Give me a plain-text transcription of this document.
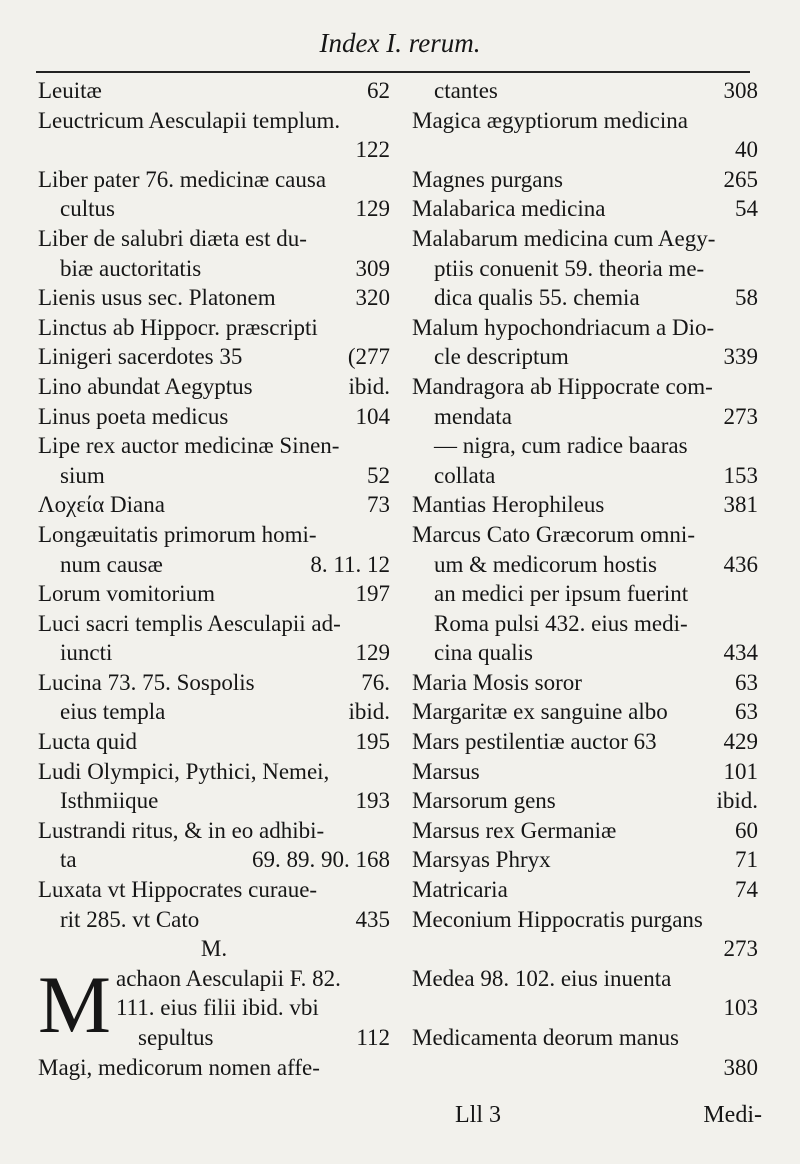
Index I. rerum.
Leuitæ	62
Leuctricum Aesculapii templum.
122
Liber pater 76. medicinæ causa
cultus	129
Liber de salubri diæta est du-
biæ auctoritatis	309
Lienis usus sec. Platonem	320
Linctus ab Hippocr. præscripti
Linigeri sacerdotes 35	(277
Lino abundat Aegyptus	ibid.
Linus poeta medicus	104
Lipe rex auctor medicinæ Sinen-
sium	52
Λοχεία Diana	73
Longæuitatis primorum homi-
num causæ	8. 11. 12
Lorum vomitorium	197
Luci sacri templis Aesculapii ad-
iuncti	129
Lucina 73. 75. Sospolis	76.
eius templa	ibid.
Lucta quid	195
Ludi Olympici, Pythici, Nemei,
Isthmiique	193
Lustrandi ritus, & in eo adhibi-
ta	69. 89. 90. 168
Luxata vt Hippocrates curaue-
rit 285. vt Cato	435
M.
M achaon Aesculapii F. 82.
111. eius filii ibid. vbi
sepultus	112
Magi, medicorum nomen affe-
ctantes	308
Magica ægyptiorum medicina
40
Magnes purgans	265
Malabarica medicina	54
Malabarum medicina cum Aegy-
ptiis conuenit 59. theoria me-
dica qualis 55. chemia	58
Malum hypochondriacum a Dio-
cle descriptum	339
Mandragora ab Hippocrate com-
mendata	273
— nigra, cum radice baaras
collata	153
Mantias Herophileus	381
Marcus Cato Græcorum omni-
um & medicorum hostis	436
an medici per ipsum fuerint
Roma pulsi 432. eius medi-
cina qualis	434
Maria Mosis soror	63
Margaritæ ex sanguine albo	63
Mars pestilentiæ auctor 63	429
Marsus	101
Marsorum gens	ibid.
Marsus rex Germaniæ	60
Marsyas Phryx	71
Matricaria	74
Meconium Hippocratis purgans
273
Medea 98. 102. eius inuenta
103
Medicamenta deorum manus
380
Lll 3	Medi-
